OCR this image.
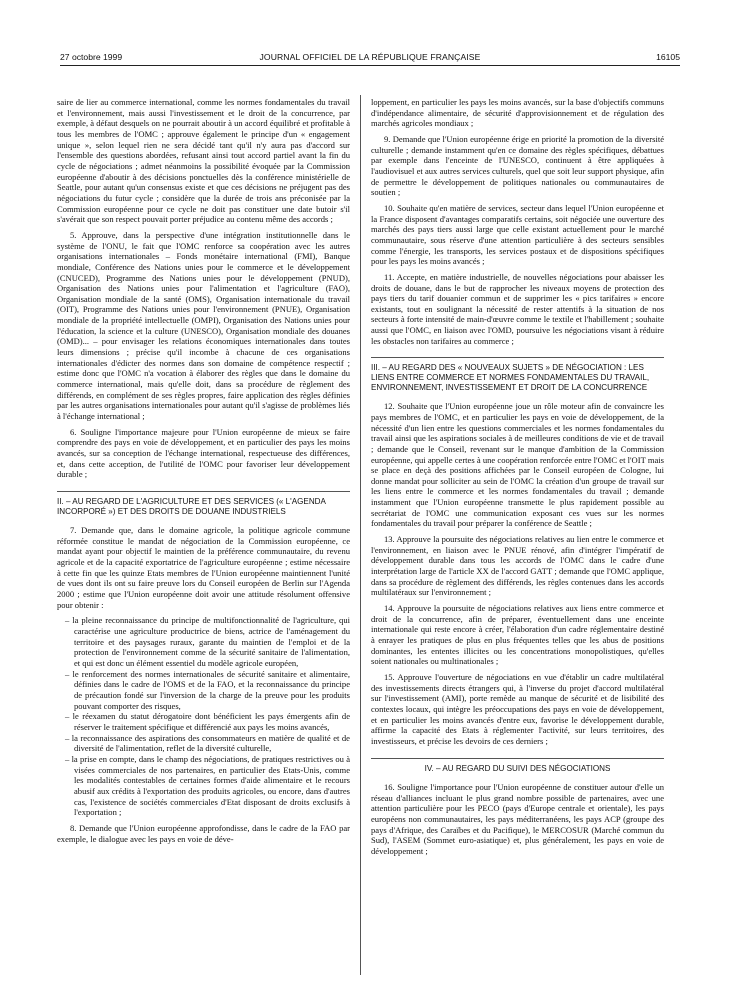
27 octobre 1999	JOURNAL OFFICIEL DE LA RÉPUBLIQUE FRANÇAISE	16105

saire de lier au commerce international, comme les normes fondamentales du travail et l'environnement, mais aussi l'investissement et le droit de la concurrence, par exemple, à défaut desquels on ne pourrait aboutir à un accord équilibré et profitable à tous les membres de l'OMC ; approuve également le principe d'un « engagement unique », selon lequel rien ne sera décidé tant qu'il n'y aura pas d'accord sur l'ensemble des questions abordées, refusant ainsi tout accord partiel avant la fin du cycle de négociations ; admet néanmoins la possibilité évoquée par la Commission européenne d'aboutir à des décisions ponctuelles dès la conférence ministérielle de Seattle, pour autant qu'un consensus existe et que ces décisions ne préjugent pas des négociations du futur cycle ; considère que la durée de trois ans préconisée par la Commission européenne pour ce cycle ne doit pas constituer une date butoir s'il s'avérait que son respect pouvait porter préjudice au contenu même des accords ;

5. Approuve, dans la perspective d'une intégration institutionnelle dans le système de l'ONU, le fait que l'OMC renforce sa coopération avec les autres organisations internationales – Fonds monétaire international (FMI), Banque mondiale, Conférence des Nations unies pour le commerce et le développement (CNUCED), Programme des Nations unies pour le développement (PNUD), Organisation des Nations unies pour l'alimentation et l'agriculture (FAO), Organisation mondiale de la santé (OMS), Organisation internationale du travail (OIT), Programme des Nations unies pour l'environnement (PNUE), Organisation mondiale de la propriété intellectuelle (OMPI), Organisation des Nations unies pour l'éducation, la science et la culture (UNESCO), Organisation mondiale des douanes (OMD)... – pour envisager les relations économiques internationales dans toutes leurs dimensions ; précise qu'il incombe à chacune de ces organisations internationales d'édicter des normes dans son domaine de compétence respectif ; estime donc que l'OMC n'a vocation à élaborer des règles que dans le domaine du commerce international, mais qu'elle doit, dans sa procédure de règlement des différends, en complément de ses règles propres, faire application des règles définies par les autres organisations internationales pour autant qu'il s'agisse de problèmes liés à l'échange international ;

6. Souligne l'importance majeure pour l'Union européenne de mieux se faire comprendre des pays en voie de développement, et en particulier des pays les moins avancés, sur sa conception de l'échange international, respectueuse des différences, et, dans cette acception, de l'utilité de l'OMC pour favoriser leur développement durable ;

II. – AU REGARD DE L'AGRICULTURE ET DES SERVICES (« L'AGENDA INCORPORÉ ») ET DES DROITS DE DOUANE INDUSTRIELS

7. Demande que, dans le domaine agricole, la politique agricole commune réformée constitue le mandat de négociation de la Commission européenne, ce mandat ayant pour objectif le maintien de la préférence communautaire, du revenu agricole et de la capacité exportatrice de l'agriculture européenne ; estime nécessaire à cette fin que les quinze Etats membres de l'Union européenne maintiennent l'unité de vues dont ils ont su faire preuve lors du Conseil européen de Berlin sur l'Agenda 2000 ; estime que l'Union européenne doit avoir une attitude résolument offensive pour obtenir :

– la pleine reconnaissance du principe de multifonctionnalité de l'agriculture, qui caractérise une agriculture productrice de biens, actrice de l'aménagement du territoire et des paysages ruraux, garante du maintien de l'emploi et de la protection de l'environnement comme de la sécurité sanitaire de l'alimentation, et qui est donc un élément essentiel du modèle agricole européen,
– le renforcement des normes internationales de sécurité sanitaire et alimentaire, définies dans le cadre de l'OMS et de la FAO, et la reconnaissance du principe de précaution fondé sur l'inversion de la charge de la preuve pour les produits pouvant comporter des risques,
– le réexamen du statut dérogatoire dont bénéficient les pays émergents afin de réserver le traitement spécifique et différencié aux pays les moins avancés,
– la reconnaissance des aspirations des consommateurs en matière de qualité et de diversité de l'alimentation, reflet de la diversité culturelle,
– la prise en compte, dans le champ des négociations, de pratiques restrictives ou à visées commerciales de nos partenaires, en particulier des Etats-Unis, comme les modalités contestables de certaines formes d'aide alimentaire et le recours abusif aux crédits à l'exportation des produits agricoles, ou encore, dans d'autres cas, l'existence de sociétés commerciales d'Etat disposant de droits exclusifs à l'exportation ;

8. Demande que l'Union européenne approfondisse, dans le cadre de la FAO par exemple, le dialogue avec les pays en voie de déve-

loppement, en particulier les pays les moins avancés, sur la base d'objectifs communs d'indépendance alimentaire, de sécurité d'approvisionnement et de régulation des marchés agricoles mondiaux ;

9. Demande que l'Union européenne érige en priorité la promotion de la diversité culturelle ; demande instamment qu'en ce domaine des règles spécifiques, débattues par exemple dans l'enceinte de l'UNESCO, continuent à être appliquées à l'audiovisuel et aux autres services culturels, quel que soit leur support physique, afin de permettre le développement de politiques nationales ou communautaires de soutien ;

10. Souhaite qu'en matière de services, secteur dans lequel l'Union européenne et la France disposent d'avantages comparatifs certains, soit négociée une ouverture des marchés des pays tiers aussi large que celle existant actuellement pour le marché communautaire, sous réserve d'une attention particulière à des secteurs sensibles comme l'énergie, les transports, les services postaux et de dispositions spécifiques pour les pays les moins avancés ;

11. Accepte, en matière industrielle, de nouvelles négociations pour abaisser les droits de douane, dans le but de rapprocher les niveaux moyens de protection des pays tiers du tarif douanier commun et de supprimer les « pics tarifaires » encore existants, tout en soulignant la nécessité de rester attentifs à la situation de nos secteurs à forte intensité de main-d'œuvre comme le textile et l'habillement ; souhaite aussi que l'OMC, en liaison avec l'OMD, poursuive les négociations visant à réduire les obstacles non tarifaires au commerce ;

III. – AU REGARD DES « NOUVEAUX SUJETS » DE NÉGOCIATION : LES LIENS ENTRE COMMERCE ET NORMES FONDAMENTALES DU TRAVAIL, ENVIRONNEMENT, INVESTISSEMENT ET DROIT DE LA CONCURRENCE

12. Souhaite que l'Union européenne joue un rôle moteur afin de convaincre les pays membres de l'OMC, et en particulier les pays en voie de développement, de la nécessité d'un lien entre les questions commerciales et les normes fondamentales du travail ainsi que les aspirations sociales à de meilleures conditions de vie et de travail ; demande que le Conseil, revenant sur le manque d'ambition de la Commission européenne, qui appelle certes à une coopération renforcée entre l'OMC et l'OIT mais se place en deçà des positions affichées par le Conseil européen de Cologne, lui donne mandat pour solliciter au sein de l'OMC la création d'un groupe de travail sur les liens entre le commerce et les normes fondamentales du travail ; demande instamment que l'Union européenne transmette le plus rapidement possible au secrétariat de l'OMC une communication exposant ces vues sur les normes fondamentales du travail pour préparer la conférence de Seattle ;

13. Approuve la poursuite des négociations relatives au lien entre le commerce et l'environnement, en liaison avec le PNUE rénové, afin d'intégrer l'impératif de développement durable dans tous les accords de l'OMC dans le cadre d'une interprétation large de l'article XX de l'accord GATT ; demande que l'OMC applique, dans sa procédure de règlement des différends, les règles contenues dans les accords multilatéraux sur l'environnement ;

14. Approuve la poursuite de négociations relatives aux liens entre commerce et droit de la concurrence, afin de préparer, éventuellement dans une enceinte internationale qui reste encore à créer, l'élaboration d'un cadre réglementaire destiné à enrayer les pratiques de plus en plus fréquentes telles que les abus de positions dominantes, les ententes illicites ou les concentrations monopolistiques, qu'elles soient nationales ou multinationales ;

15. Approuve l'ouverture de négociations en vue d'établir un cadre multilatéral des investissements directs étrangers qui, à l'inverse du projet d'accord multilatéral sur l'investissement (AMI), porte remède au manque de sécurité et de lisibilité des contextes locaux, qui intègre les préoccupations des pays en voie de développement, et en particulier les moins avancés d'entre eux, favorise le développement durable, affirme la capacité des Etats à réglementer l'activité, sur leurs territoires, des investisseurs, et précise les devoirs de ces derniers ;

IV. – AU REGARD DU SUIVI DES NÉGOCIATIONS

16. Souligne l'importance pour l'Union européenne de constituer autour d'elle un réseau d'alliances incluant le plus grand nombre possible de partenaires, avec une attention particulière pour les PECO (pays d'Europe centrale et orientale), les pays européens non communautaires, les pays méditerranéens, les pays ACP (groupe des pays d'Afrique, des Caraïbes et du Pacifique), le MERCOSUR (Marché commun du Sud), l'ASEM (Sommet euro-asiatique) et, plus généralement, les pays en voie de développement ;
